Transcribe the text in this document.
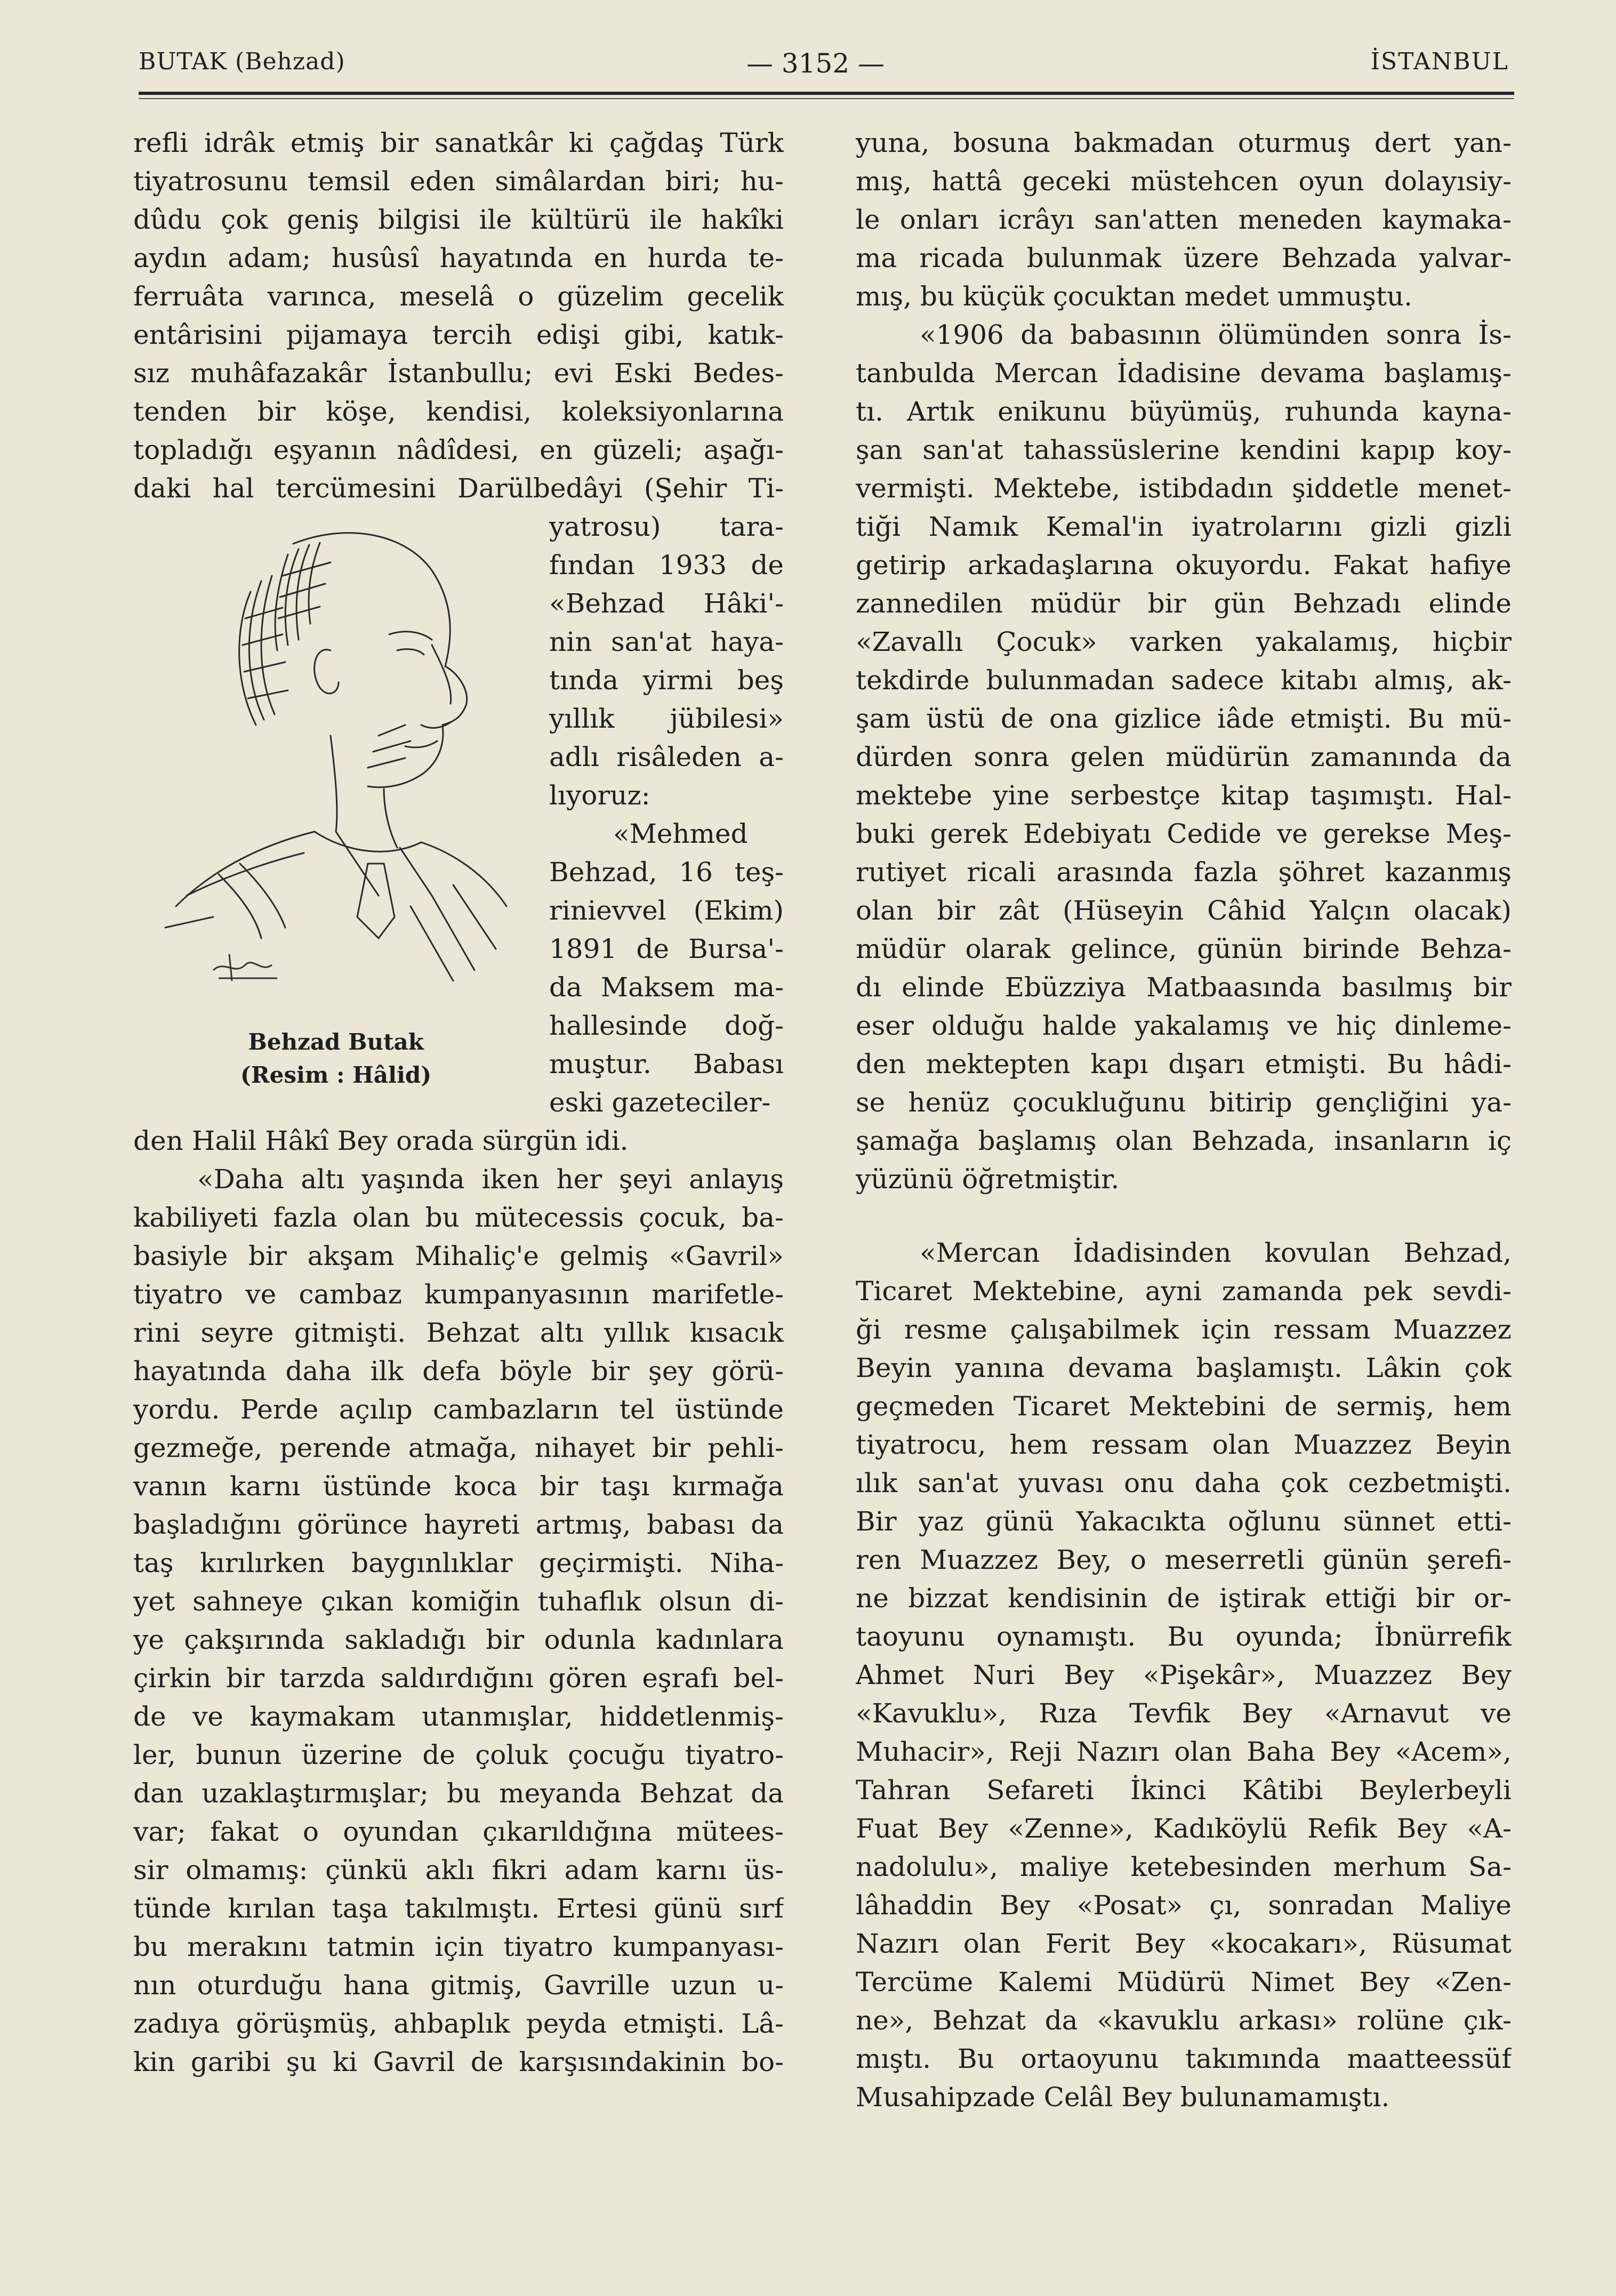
BUTAK (Behzad)	— 3152 —	İSTANBUL
refli idrâk etmiş bir sanatkâr ki çağdaş Türk
tiyatrosunu temsil eden simâlardan biri; hu-
dûdu çok geniş bilgisi ile kültürü ile hakîki
aydın adam; husûsî hayatında en hurda te-
ferruâta varınca, meselâ o güzelim gecelik
entârisini pijamaya tercih edişi gibi, katık-
sız muhâfazakâr İstanbullu; evi Eski Bedes-
tenden bir köşe, kendisi, koleksiyonlarına
topladığı eşyanın nâdîdesi, en güzeli; aşağı-
daki hal tercümesini Darülbedâyi (Şehir Ti-
yatrosu) tara-
fından 1933 de
«Behzad Hâki'-
nin san'at haya-
tında yirmi beş
yıllık jübilesi»
adlı risâleden a-
lıyoruz:
«Mehmed
Behzad, 16 teş-
rinievvel (Ekim)
1891 de Bursa'-
da Maksem ma-
hallesinde doğ-
muştur. Babası
eski gazeteciler-
Behzad Butak
(Resim : Hâlid)
den Halil Hâkî Bey orada sürgün idi.
«Daha altı yaşında iken her şeyi anlayış
kabiliyeti fazla olan bu mütecessis çocuk, ba-
basiyle bir akşam Mihaliç'e gelmiş «Gavril»
tiyatro ve cambaz kumpanyasının marifetle-
rini seyre gitmişti. Behzat altı yıllık kısacık
hayatında daha ilk defa böyle bir şey görü-
yordu. Perde açılıp cambazların tel üstünde
gezmeğe, perende atmağa, nihayet bir pehli-
vanın karnı üstünde koca bir taşı kırmağa
başladığını görünce hayreti artmış, babası da
taş kırılırken baygınlıklar geçirmişti. Niha-
yet sahneye çıkan komiğin tuhaflık olsun di-
ye çakşırında sakladığı bir odunla kadınlara
çirkin bir tarzda saldırdığını gören eşrafı bel-
de ve kaymakam utanmışlar, hiddetlenmiş-
ler, bunun üzerine de çoluk çocuğu tiyatro-
dan uzaklaştırmışlar; bu meyanda Behzat da
var; fakat o oyundan çıkarıldığına mütees-
sir olmamış: çünkü aklı fikri adam karnı üs-
tünde kırılan taşa takılmıştı. Ertesi günü sırf
bu merakını tatmin için tiyatro kumpanyası-
nın oturduğu hana gitmiş, Gavrille uzun u-
zadıya görüşmüş, ahbaplık peyda etmişti. Lâ-
kin garibi şu ki Gavril de karşısındakinin bo-
yuna, bosuna bakmadan oturmuş dert yan-
mış, hattâ geceki müstehcen oyun dolayısiy-
le onları icrâyı san'atten meneden kaymaka-
ma ricada bulunmak üzere Behzada yalvar-
mış, bu küçük çocuktan medet ummuştu.
«1906 da babasının ölümünden sonra İs-
tanbulda Mercan İdadisine devama başlamış-
tı. Artık enikunu büyümüş, ruhunda kayna-
şan san'at tahassüslerine kendini kapıp koy-
vermişti. Mektebe, istibdadın şiddetle menet-
tiği Namık Kemal'in iyatrolarını gizli gizli
getirip arkadaşlarına okuyordu. Fakat hafiye
zannedilen müdür bir gün Behzadı elinde
«Zavallı Çocuk» varken yakalamış, hiçbir
tekdirde bulunmadan sadece kitabı almış, ak-
şam üstü de ona gizlice iâde etmişti. Bu mü-
dürden sonra gelen müdürün zamanında da
mektebe yine serbestçe kitap taşımıştı. Hal-
buki gerek Edebiyatı Cedide ve gerekse Meş-
rutiyet ricali arasında fazla şöhret kazanmış
olan bir zât (Hüseyin Câhid Yalçın olacak)
müdür olarak gelince, günün birinde Behza-
dı elinde Ebüzziya Matbaasında basılmış bir
eser olduğu halde yakalamış ve hiç dinleme-
den mektepten kapı dışarı etmişti. Bu hâdi-
se henüz çocukluğunu bitirip gençliğini ya-
şamağa başlamış olan Behzada, insanların iç
yüzünü öğretmiştir.
«Mercan İdadisinden kovulan Behzad,
Ticaret Mektebine, ayni zamanda pek sevdi-
ği resme çalışabilmek için ressam Muazzez
Beyin yanına devama başlamıştı. Lâkin çok
geçmeden Ticaret Mektebini de sermiş, hem
tiyatrocu, hem ressam olan Muazzez Beyin
ılık san'at yuvası onu daha çok cezbetmişti.
Bir yaz günü Yakacıkta oğlunu sünnet etti-
ren Muazzez Bey, o meserretli günün şerefi-
ne bizzat kendisinin de iştirak ettiği bir or-
taoyunu oynamıştı. Bu oyunda; İbnürrefik
Ahmet Nuri Bey «Pişekâr», Muazzez Bey
«Kavuklu», Rıza Tevfik Bey «Arnavut ve
Muhacir», Reji Nazırı olan Baha Bey «Acem»,
Tahran Sefareti İkinci Kâtibi Beylerbeyli
Fuat Bey «Zenne», Kadıköylü Refik Bey «A-
nadolulu», maliye ketebesinden merhum Sa-
lâhaddin Bey «Posat» çı, sonradan Maliye
Nazırı olan Ferit Bey «kocakarı», Rüsumat
Tercüme Kalemi Müdürü Nimet Bey «Zen-
ne», Behzat da «kavuklu arkası» rolüne çık-
mıştı. Bu ortaoyunu takımında maatteessüf
Musahipzade Celâl Bey bulunamamıştı.
